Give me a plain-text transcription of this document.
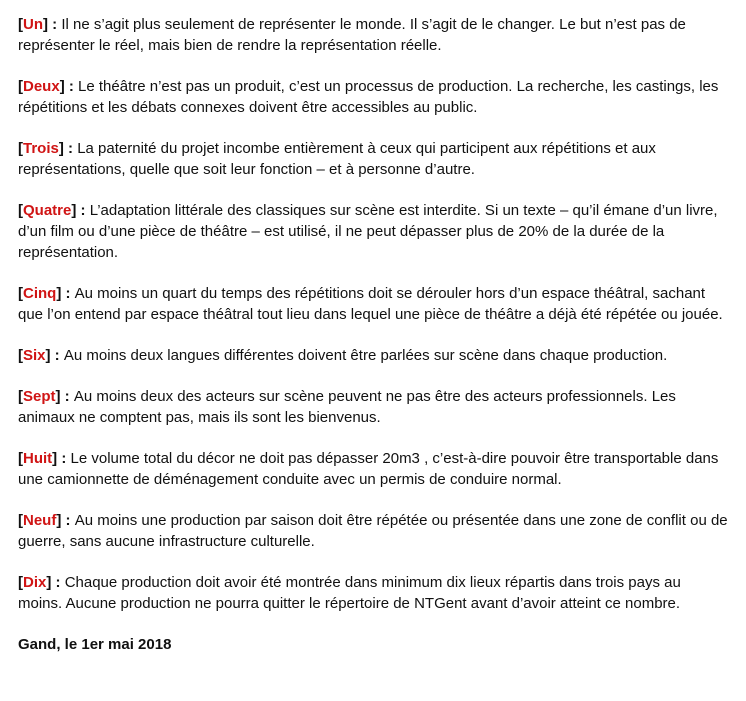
[Un] : Il ne s’agit plus seulement de représenter le monde. Il s’agit de le changer. Le but n’est pas de représenter le réel, mais bien de rendre la représentation réelle.

[Deux] : Le théâtre n’est pas un produit, c’est un processus de production. La recherche, les castings, les répétitions et les débats connexes doivent être accessibles au public.

[Trois] : La paternité du projet incombe entièrement à ceux qui participent aux répétitions et aux représentations, quelle que soit leur fonction – et à personne d’autre.

[Quatre] : L’adaptation littérale des classiques sur scène est interdite. Si un texte – qu’il émane d’un livre, d’un film ou d’une pièce de théâtre – est utilisé, il ne peut dépasser plus de 20% de la durée de la représentation.

[Cinq] : Au moins un quart du temps des répétitions doit se dérouler hors d’un espace théâtral, sachant que l’on entend par espace théâtral tout lieu dans lequel une pièce de théâtre a déjà été répétée ou jouée.

[Six] : Au moins deux langues différentes doivent être parlées sur scène dans chaque production.

[Sept] : Au moins deux des acteurs sur scène peuvent ne pas être des acteurs professionnels. Les animaux ne comptent pas, mais ils sont les bienvenus.

[Huit] : Le volume total du décor ne doit pas dépasser 20m3 , c’est-à-dire pouvoir être transportable dans une camionnette de déménagement conduite avec un permis de conduire normal.

[Neuf] : Au moins une production par saison doit être répétée ou présentée dans une zone de conflit ou de guerre, sans aucune infrastructure culturelle.

[Dix] : Chaque production doit avoir été montrée dans minimum dix lieux répartis dans trois pays au moins. Aucune production ne pourra quitter le répertoire de NTGent avant d’avoir atteint ce nombre.

Gand, le 1er mai 2018
